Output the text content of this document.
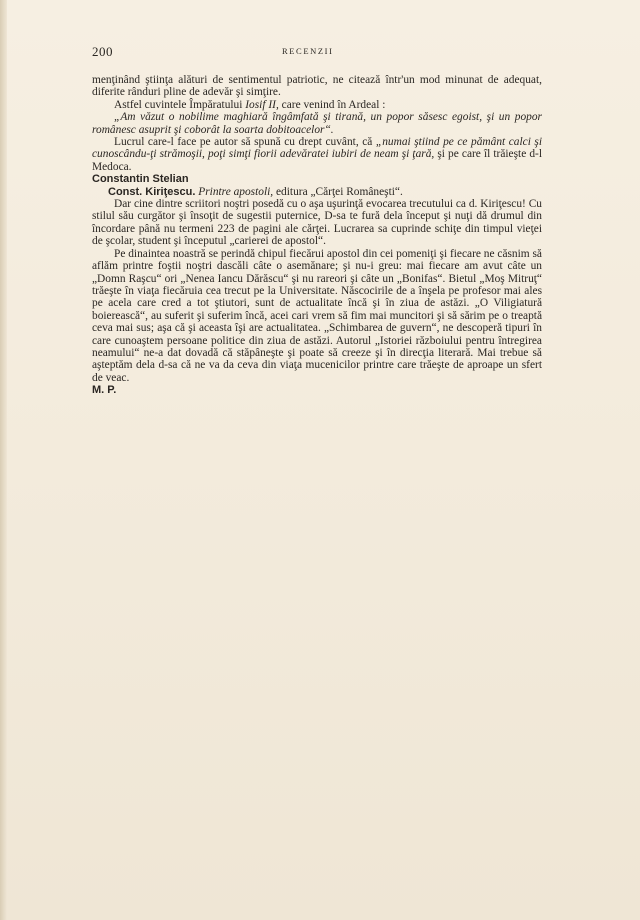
200	RECENZII

menţinând ştiinţa alături de sentimentul patriotic, ne citează într'un mod minunat de adequat, diferite rânduri pline de adevăr şi simţire.

Astfel cuvintele Împăratului Iosif II, care venind în Ardeal :

„Am văzut o nobilime maghiară îngâmfată şi tirană, un popor săsesc egoist, şi un popor românesc asuprit şi coborât la soarta dobitoacelor“.

Lucrul care-l face pe autor să spună cu drept cuvânt, că „numai ştiind pe ce pământ calci şi cunoscându-ţi strămoşii, poţi simţi fiorii adevăratei iubiri de neam şi ţară, şi pe care îl trăieşte d-l Medoca.

Constantin Stelian

Const. Kiriţescu. Printre apostoli, editura „Cărţei Româneşti“.

Dar cine dintre scriitori noştri posedă cu o aşa uşurinţă evocarea trecutului ca d. Kiriţescu! Cu stilul său curgător şi însoţit de sugestii puternice, D-sa te fură dela început şi nuţi dă drumul din încordare până nu termeni 223 de pagini ale cărţei. Lucrarea sa cuprinde schiţe din timpul vieţei de şcolar, student şi începutul „carierei de apostol“.

Pe dinaintea noastră se perindă chipul fiecărui apostol din cei pomeniţi şi fiecare ne căsnim să aflăm printre foştii noştri dascăli câte o asemănare; şi nu-i greu: mai fiecare am avut câte un „Domn Raşcu“ ori „Nenea Iancu Dărăscu“ şi nu rareori şi câte un „Bonifas“. Bietul „Moş Mitruţ“ trăeşte în viaţa fiecăruia cea trecut pe la Universitate. Născocirile de a înşela pe profesor mai ales pe acela care cred a tot ştiutori, sunt de actualitate încă şi în ziua de astăzi. „O Viligiatură boierească“, au suferit şi suferim încă, acei cari vrem să fim mai muncitori şi să sărim pe o treaptă ceva mai sus; aşa că şi aceasta îşi are actualitatea. „Schimbarea de guvern“, ne descoperă tipuri în care cunoaştem persoane politice din ziua de astăzi. Autorul „Istoriei războiului pentru întregirea neamului“ ne-a dat dovadă că stăpâneşte şi poate să creeze şi în direcţia literară. Mai trebue să aşteptăm dela d-sa că ne va da ceva din viaţa mucenicilor printre care trăeşte de aproape un sfert de veac.

M. P.
